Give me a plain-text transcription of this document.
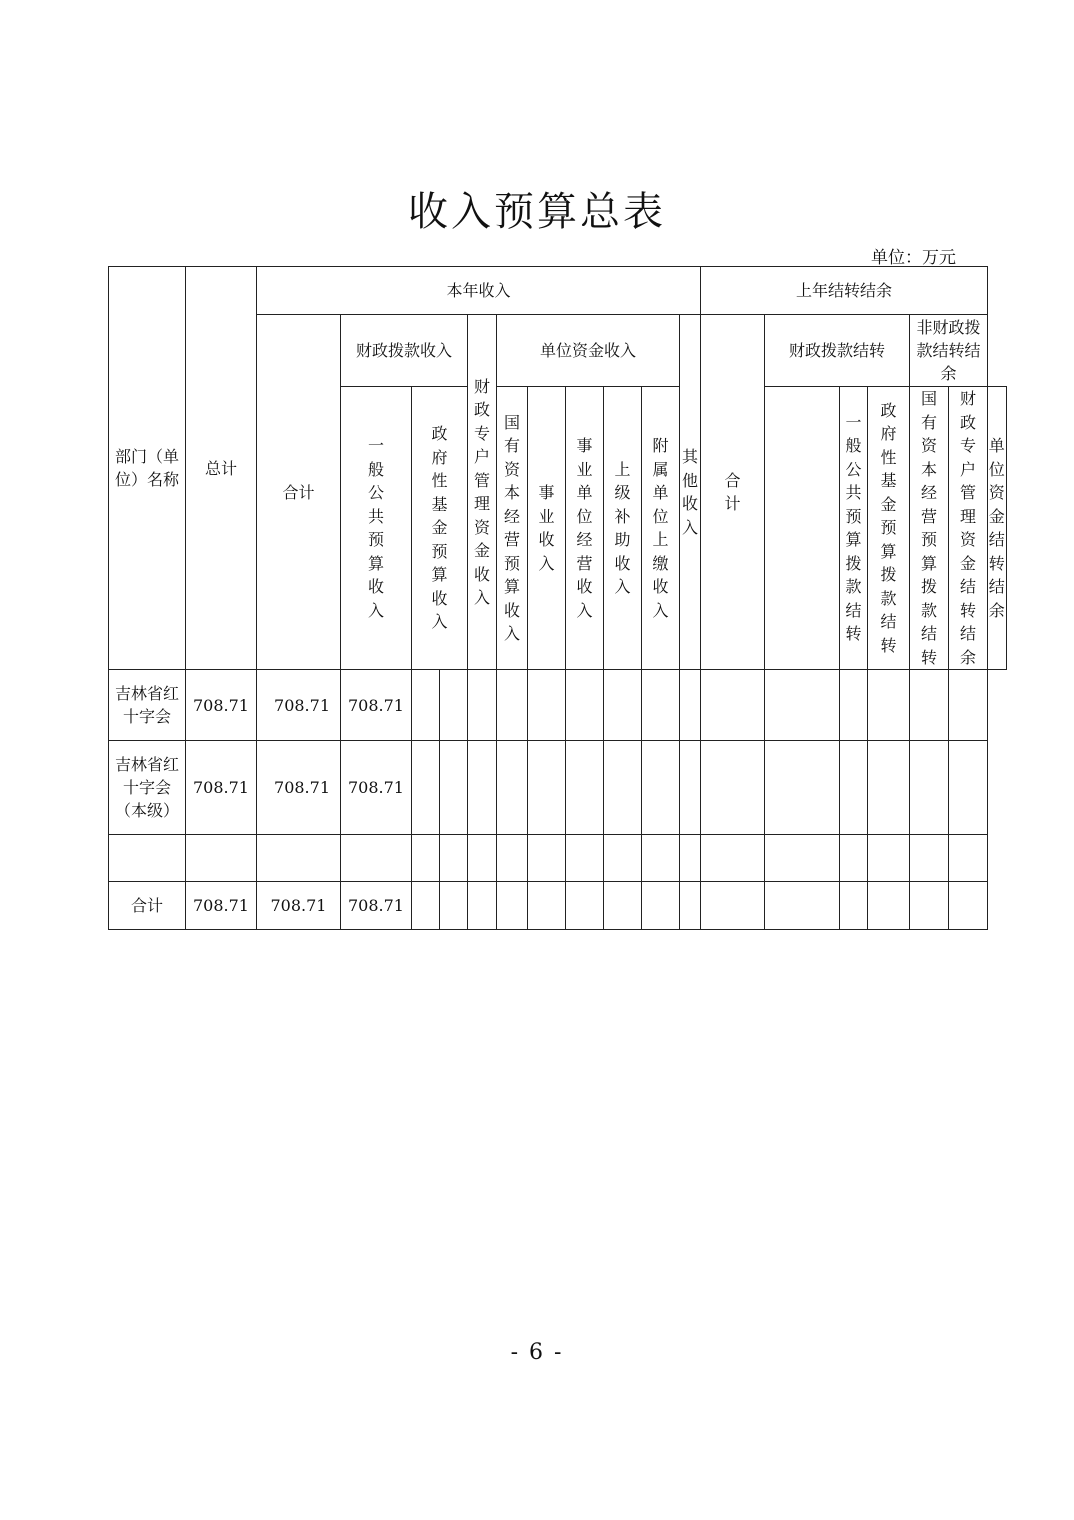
收入预算总表
单位：万元
部门（单位）名称	总计	本年收入											上年结转结余						
		合计	财政拨款收入			财政专户管理资金收入	单位资金收入					其他收入	合计	财政拨款结转			非财政拨款结转结余		

			一般公共预算收入	政府性基金预算收入			国有资本经营预算收入	事业收入	事业单位经营收入	上级补助收入	附属单位上缴收入				一般公共预算拨款结转	政府性基金预算拨款结转	国有资本经营预算拨款结转	财政专户管理资金结转结余	单位资金结转结余

吉林省红十字会	708.71	708.71	708.71																

吉林省红十字会（本级）	708.71	708.71	708.71																

合计	708.71	708.71	708.71																
- 6 -
